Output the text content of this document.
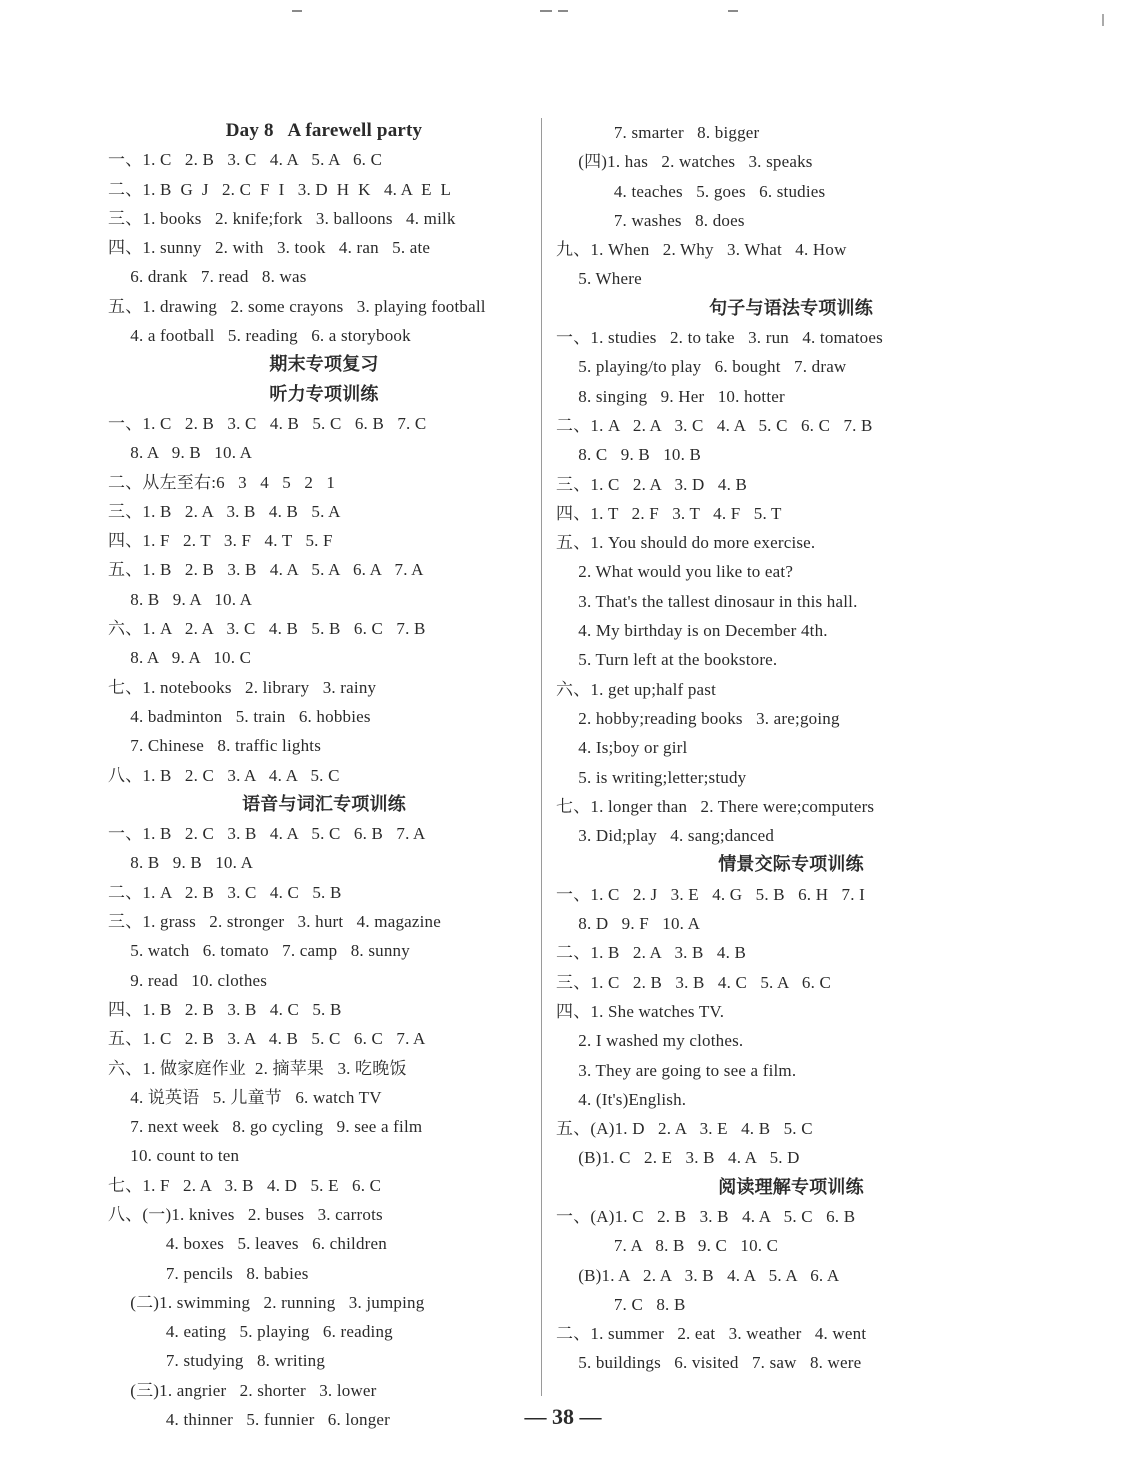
Day 8   A farewell party
一、1. C   2. B   3. C   4. A   5. A   6. C
二、1. B  G  J   2. C  F  I   3. D  H  K   4. A  E  L
三、1. books   2. knife;fork   3. balloons   4. milk
四、1. sunny   2. with   3. took   4. ran   5. ate
6. drank   7. read   8. was
五、1. drawing   2. some crayons   3. playing football
4. a football   5. reading   6. a storybook
期末专项复习
听力专项训练
一、1. C   2. B   3. C   4. B   5. C   6. B   7. C
8. A   9. B   10. A
二、从左至右:6   3   4   5   2   1
三、1. B   2. A   3. B   4. B   5. A
四、1. F   2. T   3. F   4. T   5. F
五、1. B   2. B   3. B   4. A   5. A   6. A   7. A
8. B   9. A   10. A
六、1. A   2. A   3. C   4. B   5. B   6. C   7. B
8. A   9. A   10. C
七、1. notebooks   2. library   3. rainy
4. badminton   5. train   6. hobbies
7. Chinese   8. traffic lights
八、1. B   2. C   3. A   4. A   5. C
语音与词汇专项训练
一、1. B   2. C   3. B   4. A   5. C   6. B   7. A
8. B   9. B   10. A
二、1. A   2. B   3. C   4. C   5. B
三、1. grass   2. stronger   3. hurt   4. magazine
5. watch   6. tomato   7. camp   8. sunny
9. read   10. clothes
四、1. B   2. B   3. B   4. C   5. B
五、1. C   2. B   3. A   4. B   5. C   6. C   7. A
六、1. 做家庭作业  2. 摘苹果   3. 吃晚饭
4. 说英语   5. 儿童节   6. watch TV
7. next week   8. go cycling   9. see a film
10. count to ten
七、1. F   2. A   3. B   4. D   5. E   6. C
八、(一)1. knives   2. buses   3. carrots
4. boxes   5. leaves   6. children
7. pencils   8. babies
(二)1. swimming   2. running   3. jumping
4. eating   5. playing   6. reading
7. studying   8. writing
(三)1. angrier   2. shorter   3. lower
4. thinner   5. funnier   6. longer
7. smarter   8. bigger
(四)1. has   2. watches   3. speaks
4. teaches   5. goes   6. studies
7. washes   8. does
九、1. When   2. Why   3. What   4. How
5. Where
句子与语法专项训练
一、1. studies   2. to take   3. run   4. tomatoes
5. playing/to play   6. bought   7. draw
8. singing   9. Her   10. hotter
二、1. A   2. A   3. C   4. A   5. C   6. C   7. B
8. C   9. B   10. B
三、1. C   2. A   3. D   4. B
四、1. T   2. F   3. T   4. F   5. T
五、1. You should do more exercise.
2. What would you like to eat?
3. That's the tallest dinosaur in this hall.
4. My birthday is on December 4th.
5. Turn left at the bookstore.
六、1. get up;half past
2. hobby;reading books   3. are;going
4. Is;boy or girl
5. is writing;letter;study
七、1. longer than   2. There were;computers
3. Did;play   4. sang;danced
情景交际专项训练
一、1. C   2. J   3. E   4. G   5. B   6. H   7. I
8. D   9. F   10. A
二、1. B   2. A   3. B   4. B
三、1. C   2. B   3. B   4. C   5. A   6. C
四、1. She watches TV.
2. I washed my clothes.
3. They are going to see a film.
4. (It's)English.
五、(A)1. D   2. A   3. E   4. B   5. C
(B)1. C   2. E   3. B   4. A   5. D
阅读理解专项训练
一、(A)1. C   2. B   3. B   4. A   5. C   6. B
7. A   8. B   9. C   10. C
(B)1. A   2. A   3. B   4. A   5. A   6. A
7. C   8. B
二、1. summer   2. eat   3. weather   4. went
5. buildings   6. visited   7. saw   8. were
— 38 —
